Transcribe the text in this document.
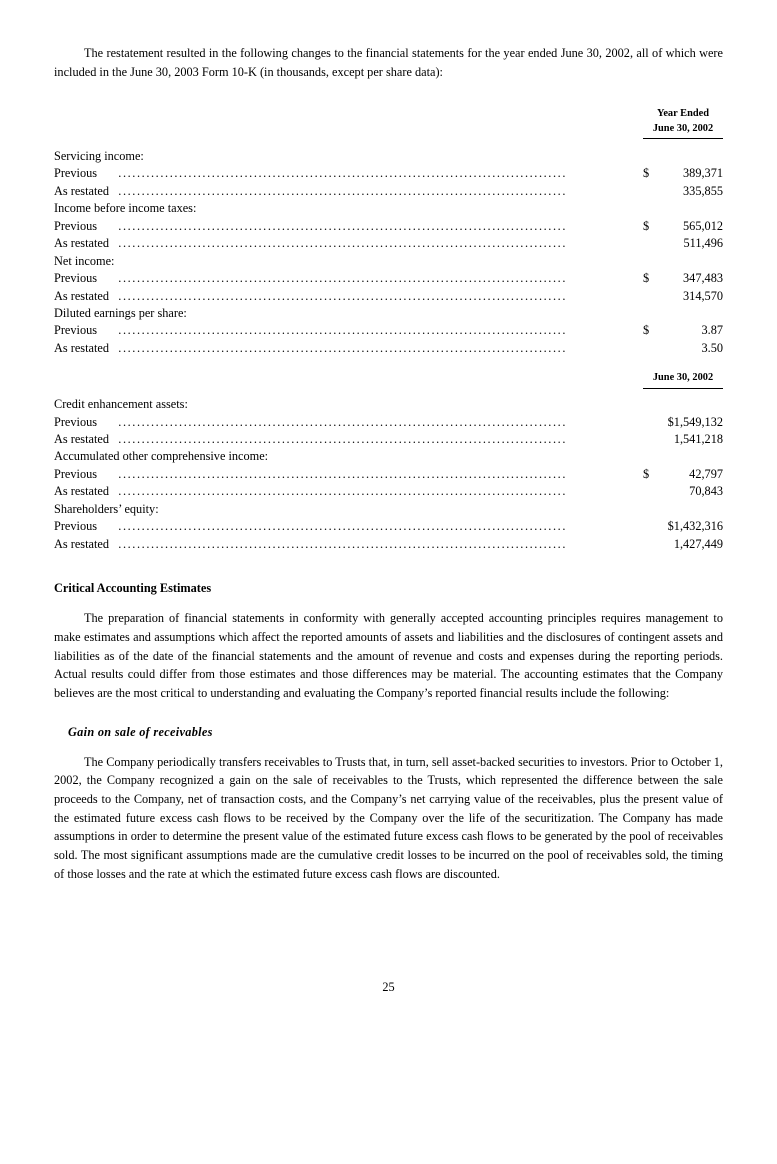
The restatement resulted in the following changes to the financial statements for the year ended June 30, 2002, all of which were included in the June 30, 2003 Form 10-K (in thousands, except per share data):

		Year Ended
June 30, 2002	

Servicing income:			
Previous	................................................................................................	$	389,371
As restated	................................................................................................		335,855
Income before income taxes:			
Previous	................................................................................................	$	565,012
As restated	................................................................................................		511,496
Net income:			
Previous	................................................................................................	$	347,483
As restated	................................................................................................		314,570
Diluted earnings per share:			
Previous	................................................................................................	$	3.87
As restated	................................................................................................		3.50

		June 30, 2002	

Credit enhancement assets:			
Previous	................................................................................................		$1,549,132
As restated	................................................................................................		1,541,218
Accumulated other comprehensive income:			
Previous	................................................................................................	$	42,797
As restated	................................................................................................		70,843
Shareholders’ equity:			
Previous	................................................................................................		$1,432,316
As restated	................................................................................................		1,427,449
Critical Accounting Estimates

The preparation of financial statements in conformity with generally accepted accounting principles requires management to make estimates and assumptions which affect the reported amounts of assets and liabilities and the disclosures of contingent assets and liabilities as of the date of the financial statements and the amount of revenue and costs and expenses during the reporting periods. Actual results could differ from those estimates and those differences may be material. The accounting estimates that the Company believes are the most critical to understanding and evaluating the Company’s reported financial results include the following:

Gain on sale of receivables

The Company periodically transfers receivables to Trusts that, in turn, sell asset-backed securities to investors. Prior to October 1, 2002, the Company recognized a gain on the sale of receivables to the Trusts, which represented the difference between the sale proceeds to the Company, net of transaction costs, and the Company’s net carrying value of the receivables, plus the present value of the estimated future excess cash flows to be received by the Company over the life of the securitization. The Company has made assumptions in order to determine the present value of the estimated future excess cash flows to be generated by the pool of receivables sold. The most significant assumptions made are the cumulative credit losses to be incurred on the pool of receivables sold, the timing of those losses and the rate at which the estimated future excess cash flows are discounted.

25
